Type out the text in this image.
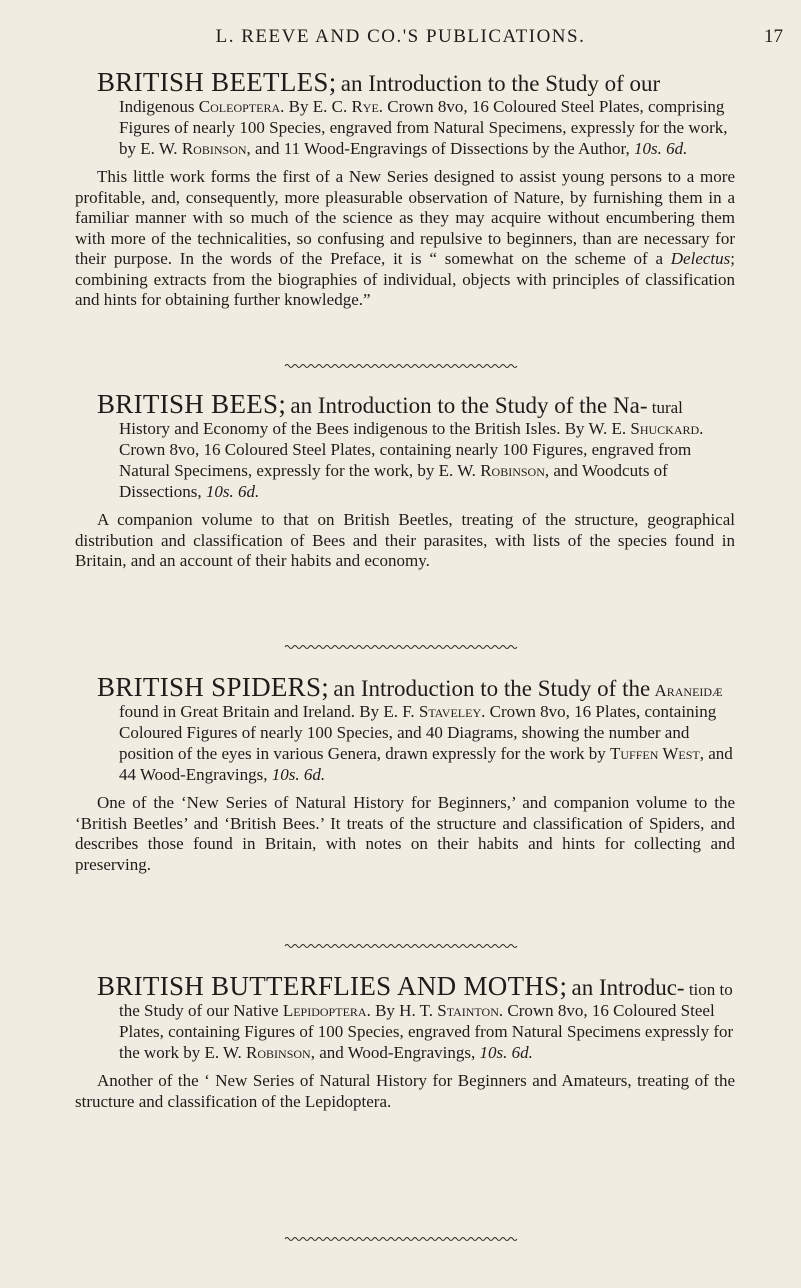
L. REEVE AND CO.'S PUBLICATIONS.	17

BRITISH BEETLES; an Introduction to the Study of our Indigenous Coleoptera. By E. C. Rye. Crown 8vo, 16 Coloured Steel Plates, comprising Figures of nearly 100 Species, engraved from Natural Specimens, expressly for the work, by E. W. Robinson, and 11 Wood-Engravings of Dissections by the Author, 10s. 6d.

This little work forms the first of a New Series designed to assist young persons to a more profitable, and, consequently, more pleasurable observation of Nature, by furnishing them in a familiar manner with so much of the science as they may acquire without encumbering them with more of the technicalities, so confusing and repulsive to beginners, than are necessary for their purpose. In the words of the Preface, it is “ somewhat on the scheme of a Delectus; combining extracts from the biographies of individual, objects with principles of classification and hints for obtaining further knowledge.”

BRITISH BEES; an Introduction to the Study of the Na- tural History and Economy of the Bees indigenous to the British Isles. By W. E. Shuckard. Crown 8vo, 16 Coloured Steel Plates, containing nearly 100 Figures, engraved from Natural Specimens, expressly for the work, by E. W. Robinson, and Woodcuts of Dissections, 10s. 6d.

A companion volume to that on British Beetles, treating of the structure, geographical distribution and classification of Bees and their parasites, with lists of the species found in Britain, and an account of their habits and economy.

BRITISH SPIDERS; an Introduction to the Study of the Araneidæ found in Great Britain and Ireland. By E. F. Staveley. Crown 8vo, 16 Plates, containing Coloured Figures of nearly 100 Species, and 40 Diagrams, showing the number and position of the eyes in various Genera, drawn expressly for the work by Tuffen West, and 44 Wood-Engravings, 10s. 6d.

One of the ‘New Series of Natural History for Beginners,’ and companion volume to the ‘British Beetles’ and ‘British Bees.’ It treats of the structure and classification of Spiders, and describes those found in Britain, with notes on their habits and hints for collecting and preserving.

BRITISH BUTTERFLIES AND MOTHS; an Introduc- tion to the Study of our Native Lepidoptera. By H. T. Stainton. Crown 8vo, 16 Coloured Steel Plates, containing Figures of 100 Species, engraved from Natural Specimens expressly for the work by E. W. Robinson, and Wood-Engravings, 10s. 6d.

Another of the ‘ New Series of Natural History for Beginners and Amateurs, treating of the structure and classification of the Lepidoptera.
